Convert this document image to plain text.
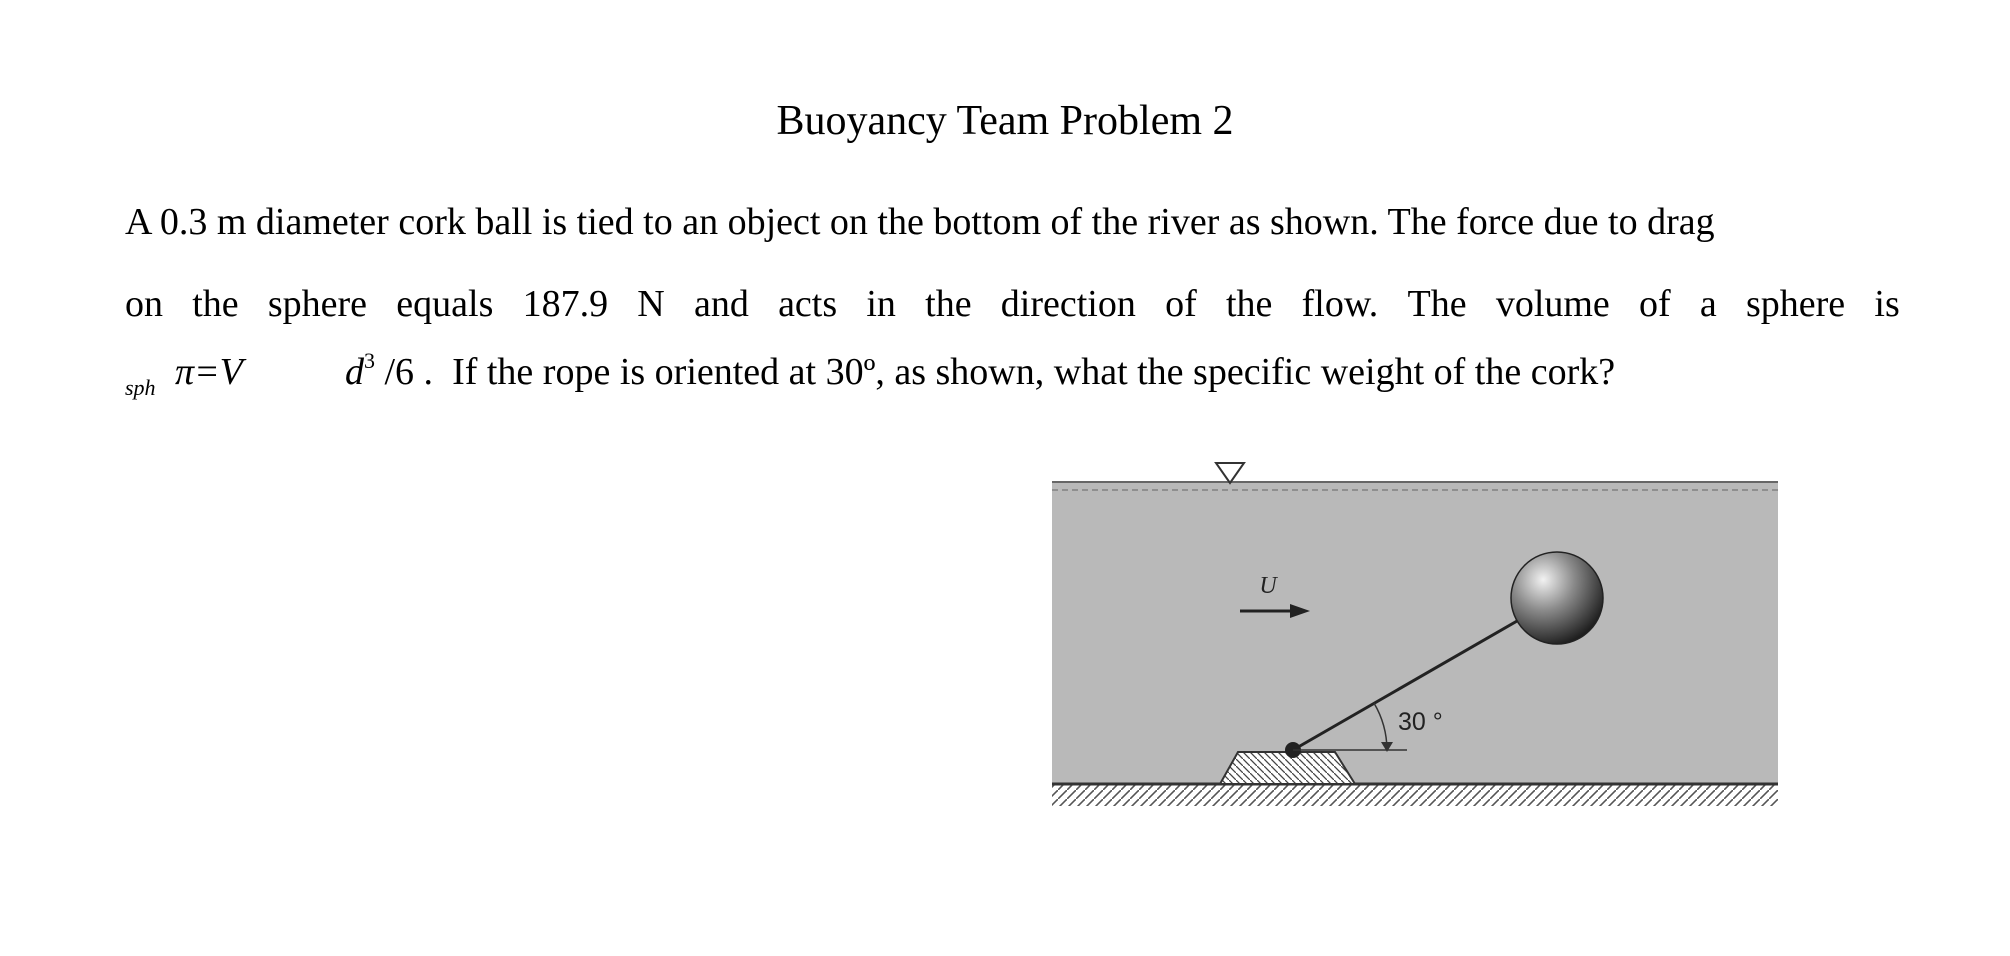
Buoyancy Team Problem 2
A 0.3 m diameter cork ball is tied to an object on the bottom of the river as shown. The force due to drag
on the sphere equals 187.9 N and acts in the direction of the flow. The volume of a sphere is
sph π=V	$d^3$ /6 . If the rope is oriented at 30º, as shown, what the specific weight of the cork?
30 °
U
